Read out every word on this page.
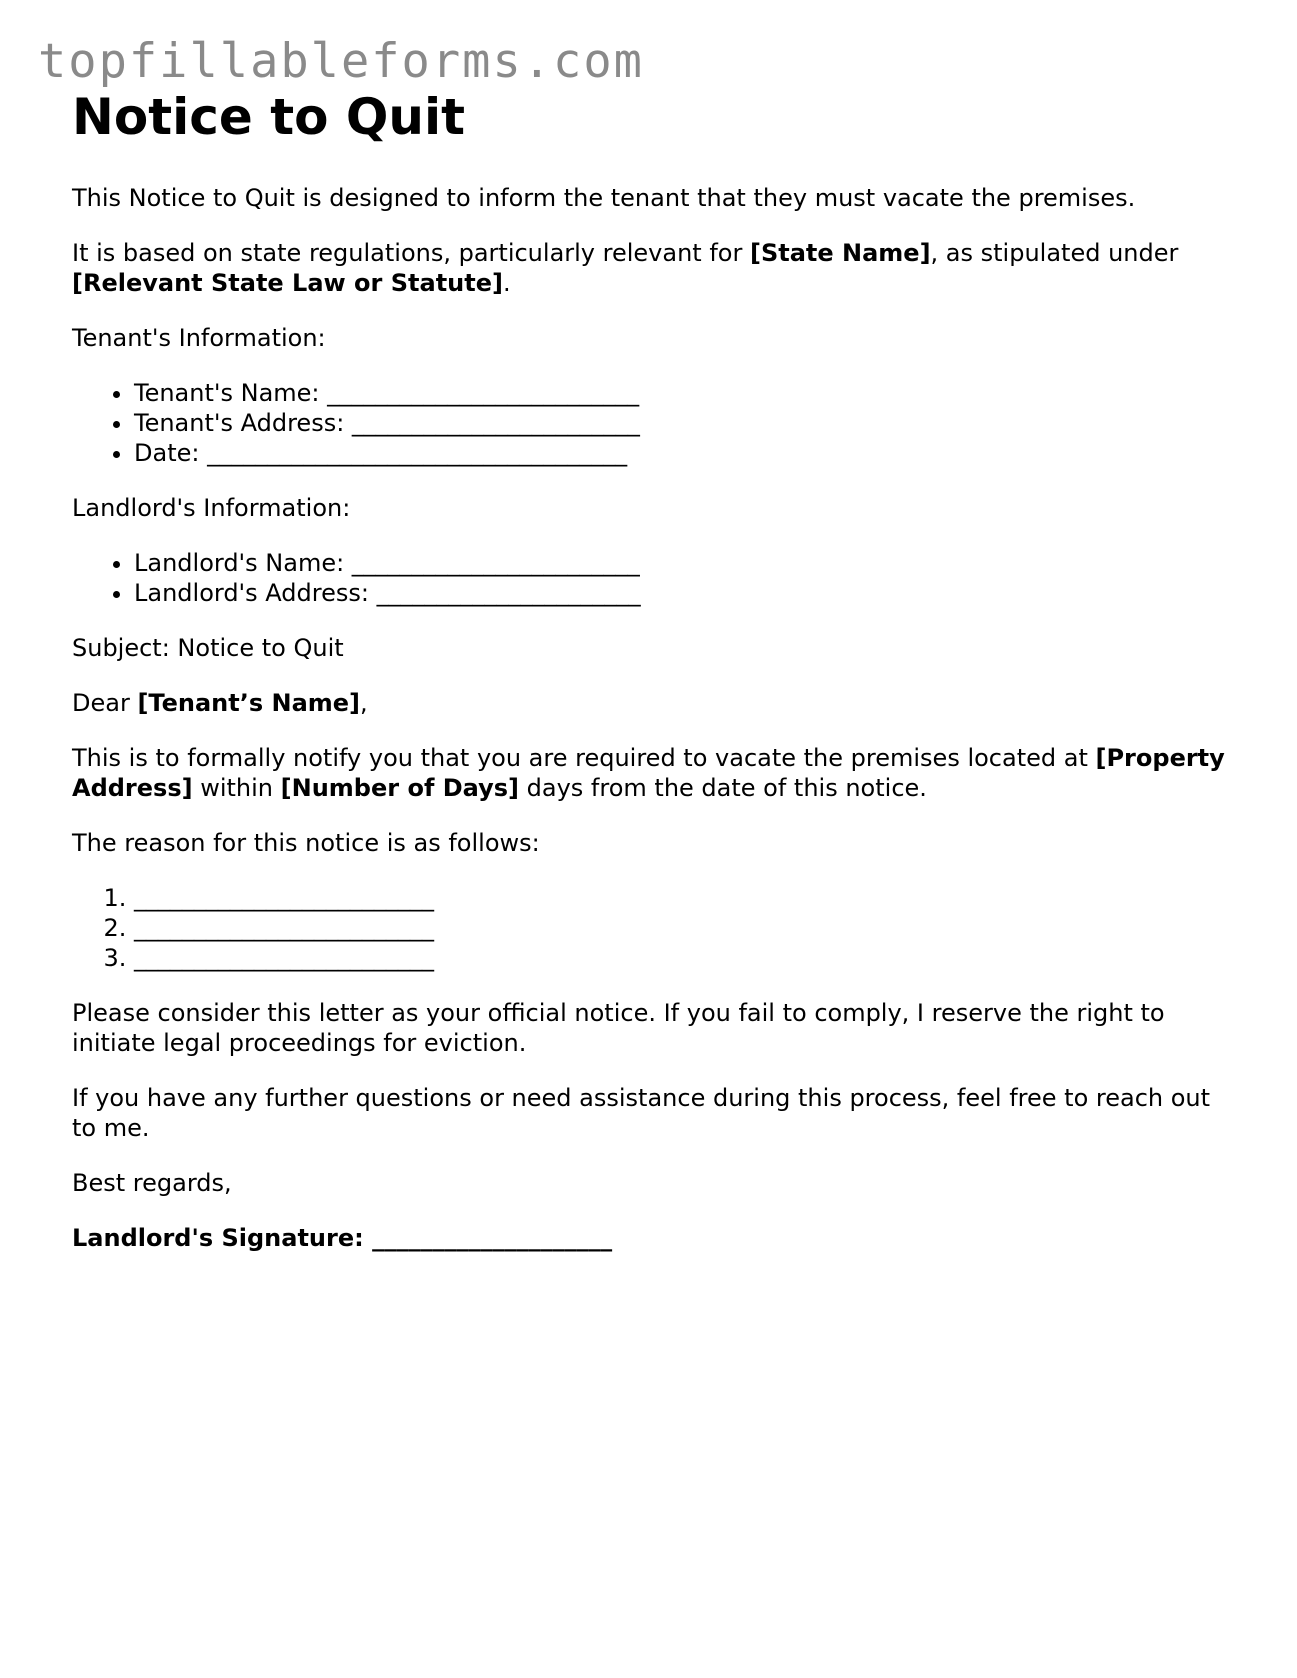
topfillableforms.com
Notice to Quit

This Notice to Quit is designed to inform the tenant that they must vacate the premises.

It is based on state regulations, particularly relevant for [State Name], as stipulated under [Relevant State Law or Statute].

Tenant's Information:

• Tenant's Name: __________________________
• Tenant's Address: ________________________
• Date: ___________________________________

Landlord's Information:

• Landlord's Name: ________________________
• Landlord's Address: ______________________

Subject: Notice to Quit

Dear [Tenant’s Name],

This is to formally notify you that you are required to vacate the premises located at [Property Address] within [Number of Days] days from the date of this notice.

The reason for this notice is as follows:

1. _________________________
2. _________________________
3. _________________________

Please consider this letter as your official notice. If you fail to comply, I reserve the right to initiate legal proceedings for eviction.

If you have any further questions or need assistance during this process, feel free to reach out to me.

Best regards,

Landlord's Signature: ____________________
